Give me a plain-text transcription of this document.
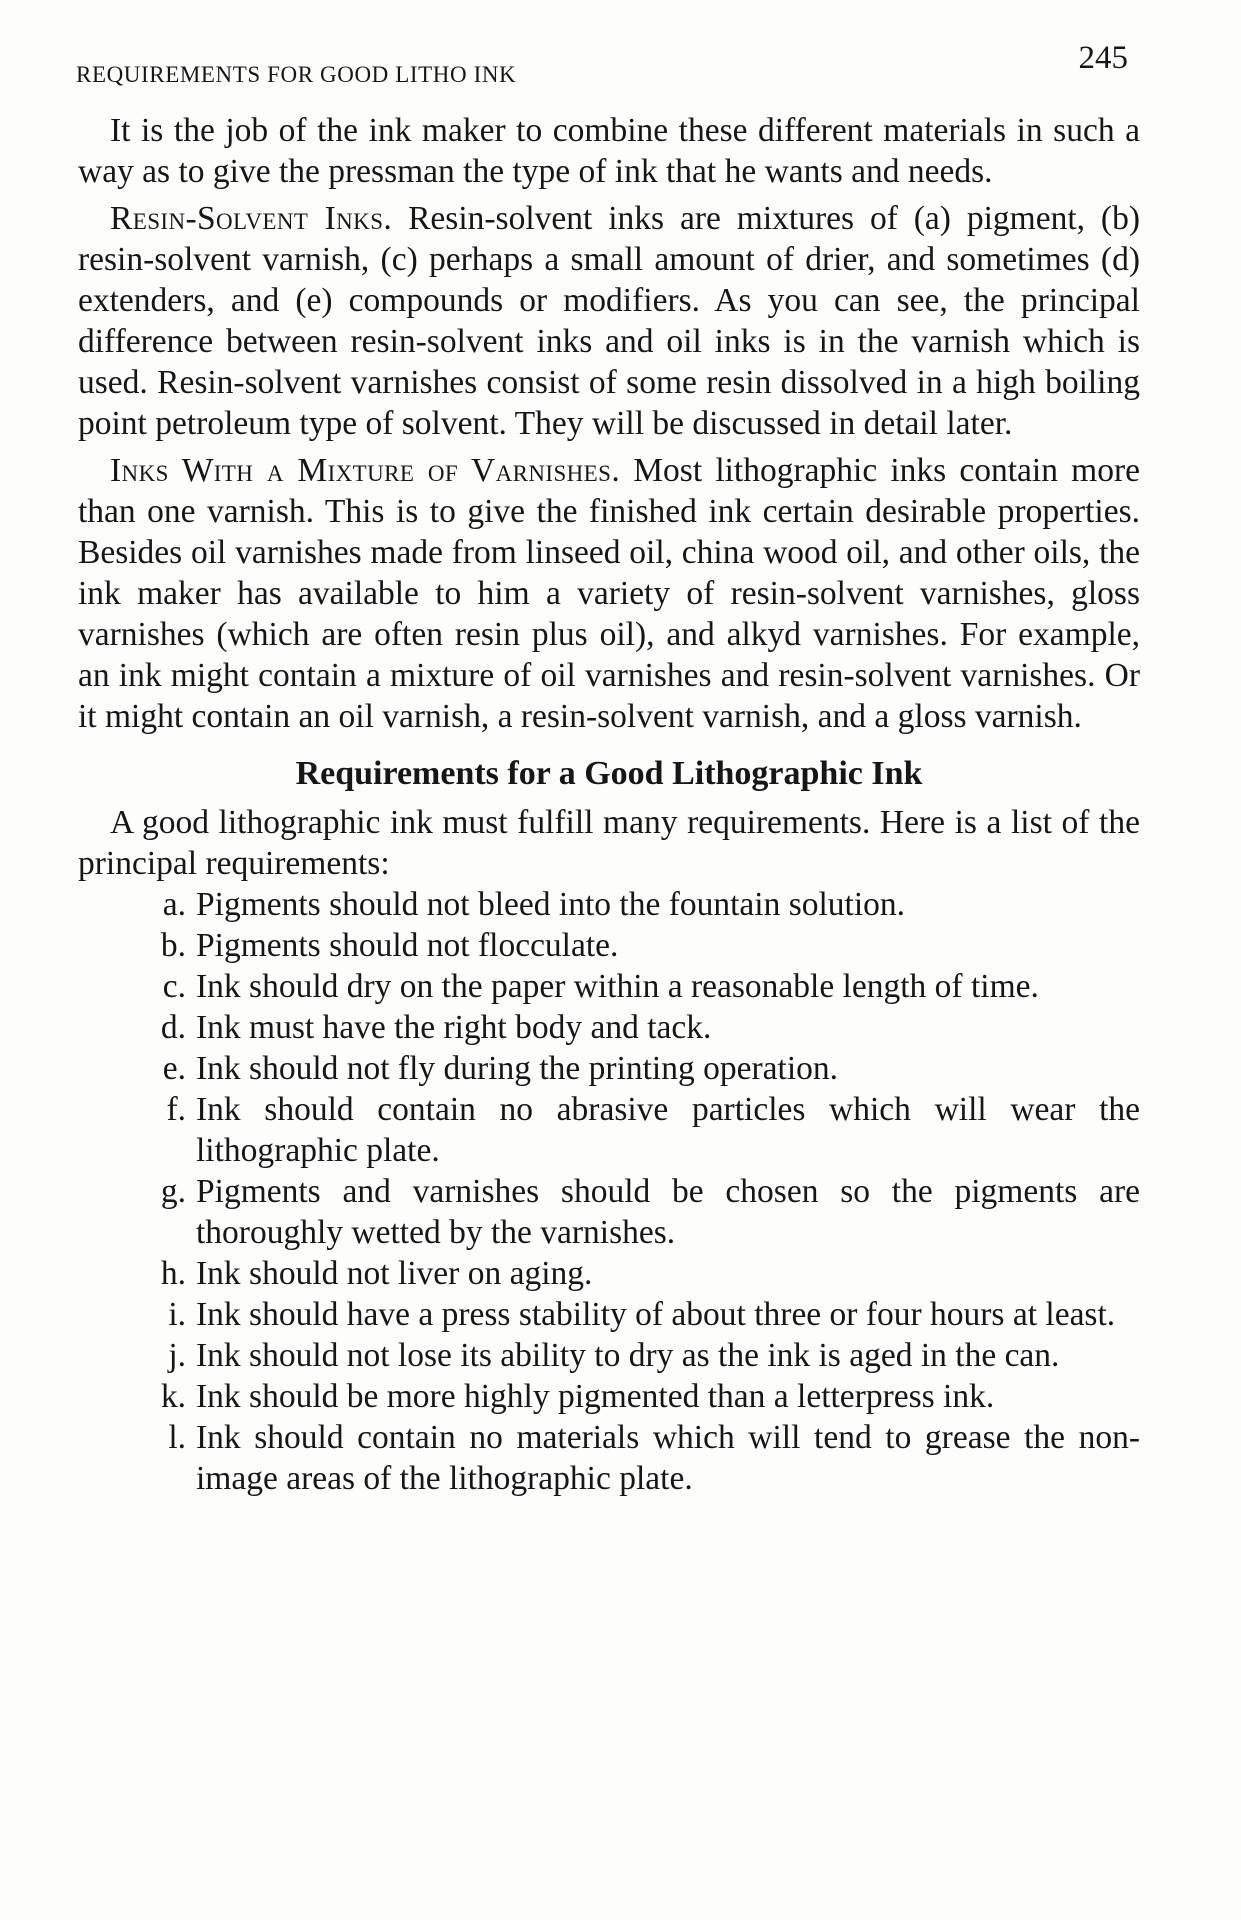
REQUIREMENTS FOR GOOD LITHO INK	245

It is the job of the ink maker to combine these different materials in such a way as to give the pressman the type of ink that he wants and needs.

Resin-Solvent Inks. Resin-solvent inks are mixtures of (a) pigment, (b) resin-solvent varnish, (c) perhaps a small amount of drier, and sometimes (d) extenders, and (e) compounds or modifiers. As you can see, the principal difference between resin-solvent inks and oil inks is in the varnish which is used. Resin-solvent varnishes consist of some resin dissolved in a high boiling point petroleum type of solvent. They will be discussed in detail later.

Inks With a Mixture of Varnishes. Most lithographic inks contain more than one varnish. This is to give the finished ink certain desirable properties. Besides oil varnishes made from linseed oil, china wood oil, and other oils, the ink maker has available to him a variety of resin-solvent varnishes, gloss varnishes (which are often resin plus oil), and alkyd varnishes. For example, an ink might contain a mixture of oil varnishes and resin-solvent varnishes. Or it might contain an oil varnish, a resin-solvent varnish, and a gloss varnish.

Requirements for a Good Lithographic Ink

A good lithographic ink must fulfill many requirements. Here is a list of the principal requirements:

a. Pigments should not bleed into the fountain solution.
b. Pigments should not flocculate.
c. Ink should dry on the paper within a reasonable length of time.
d. Ink must have the right body and tack.
e. Ink should not fly during the printing operation.
f. Ink should contain no abrasive particles which will wear the lithographic plate.
g. Pigments and varnishes should be chosen so the pigments are thoroughly wetted by the varnishes.
h. Ink should not liver on aging.
i. Ink should have a press stability of about three or four hours at least.
j. Ink should not lose its ability to dry as the ink is aged in the can.
k. Ink should be more highly pigmented than a letterpress ink.
l. Ink should contain no materials which will tend to grease the non-image areas of the lithographic plate.
